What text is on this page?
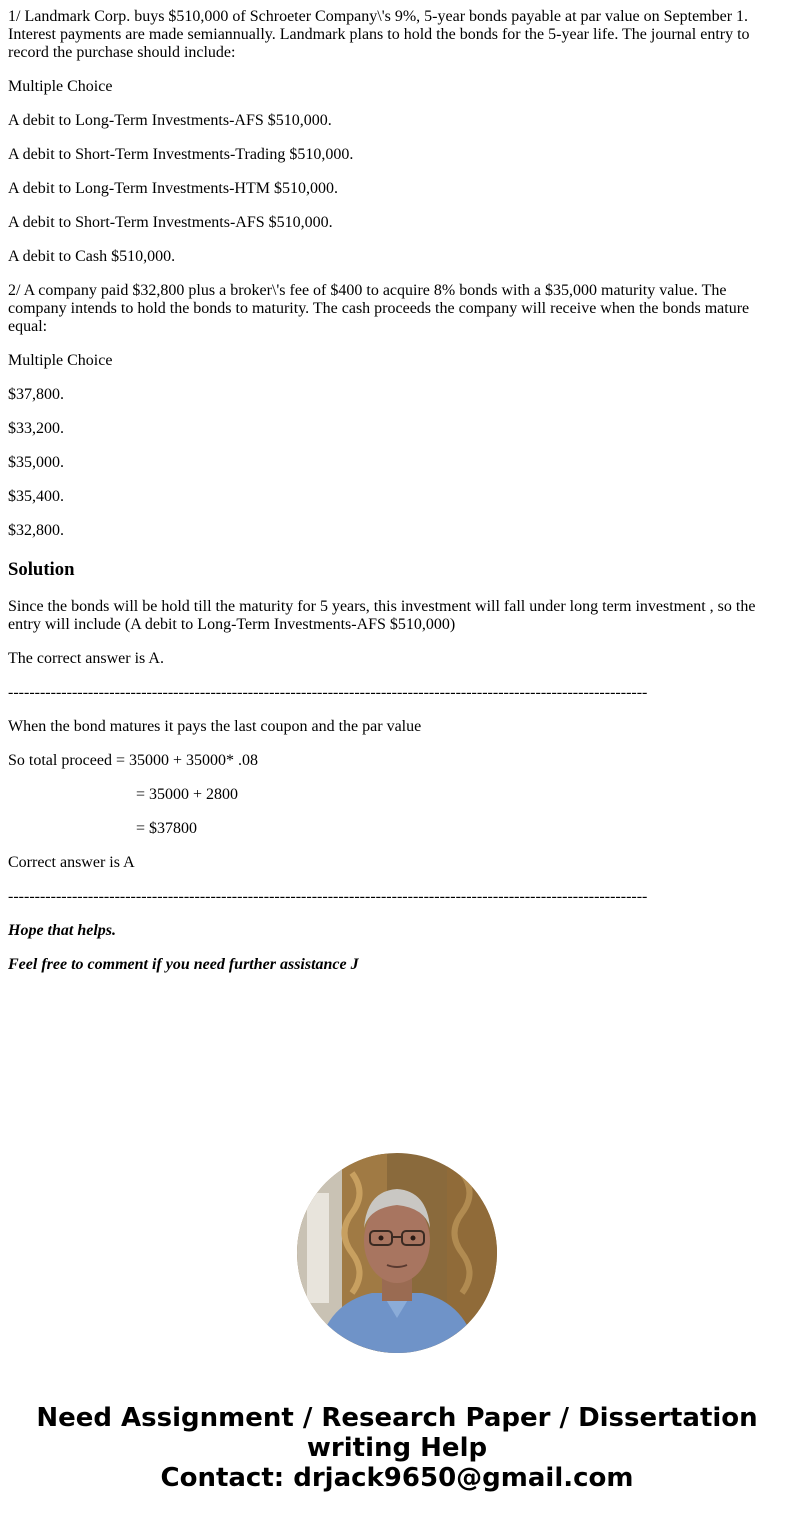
1/ Landmark Corp. buys $510,000 of Schroeter Company\'s 9%, 5-year bonds payable at par value on September 1. Interest payments are made semiannually. Landmark plans to hold the bonds for the 5-year life. The journal entry to record the purchase should include:

Multiple Choice

A debit to Long-Term Investments-AFS $510,000.

A debit to Short-Term Investments-Trading $510,000.

A debit to Long-Term Investments-HTM $510,000.

A debit to Short-Term Investments-AFS $510,000.

A debit to Cash $510,000.

2/ A company paid $32,800 plus a broker\'s fee of $400 to acquire 8% bonds with a $35,000 maturity value. The company intends to hold the bonds to maturity. The cash proceeds the company will receive when the bonds mature equal:

Multiple Choice

$37,800.

$33,200.

$35,000.

$35,400.

$32,800.

Solution

Since the bonds will be hold till the maturity for 5 years, this investment will fall under long term investment , so the entry will include (A debit to Long-Term Investments-AFS $510,000)

The correct answer is A.

------------------------------------------------------------------------------------------------------------------------

When the bond matures it pays the last coupon and the par value

So total proceed = 35000 + 35000* .08

= 35000 + 2800

= $37800

Correct answer is A

------------------------------------------------------------------------------------------------------------------------

Hope that helps.

Feel free to comment if you need further assistance J

Need Assignment / Research Paper / Dissertation
writing Help
Contact: drjack9650@gmail.com
